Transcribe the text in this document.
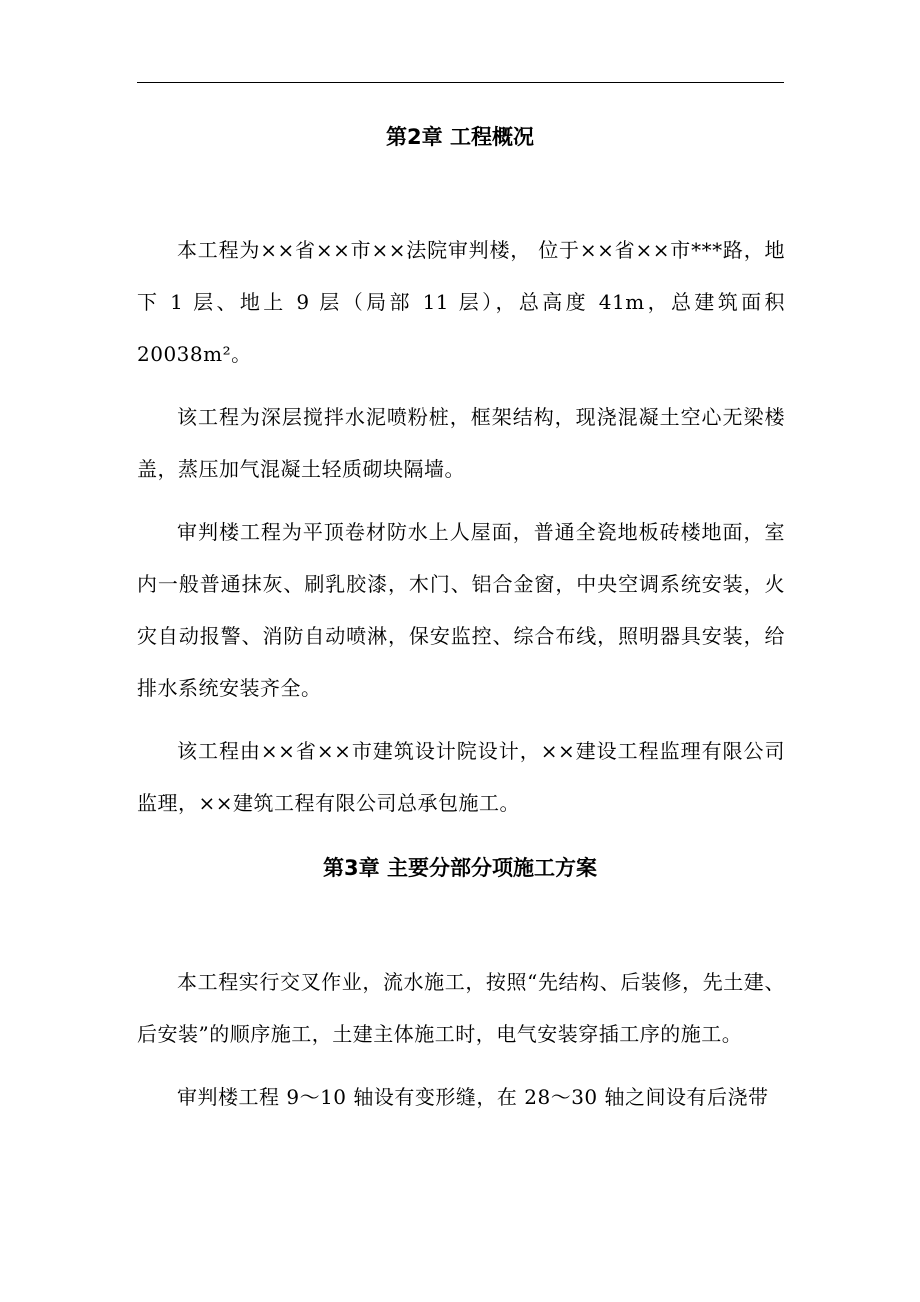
第2章 工程概况

本工程为××省××市××法院审判楼， 位于××省××市***路，地下 1 层、地上 9 层（局部 11 层），总高度 41m，总建筑面积 20038m²。

该工程为深层搅拌水泥喷粉桩，框架结构，现浇混凝土空心无梁楼盖，蒸压加气混凝土轻质砌块隔墙。

审判楼工程为平顶卷材防水上人屋面，普通全瓷地板砖楼地面，室内一般普通抹灰、刷乳胶漆，木门、铝合金窗，中央空调系统安装，火灾自动报警、消防自动喷淋，保安监控、综合布线，照明器具安装，给排水系统安装齐全。

该工程由××省××市建筑设计院设计，××建设工程监理有限公司监理，××建筑工程有限公司总承包施工。

第3章 主要分部分项施工方案

本工程实行交叉作业，流水施工，按照“先结构、后装修，先土建、后安装”的顺序施工，土建主体施工时，电气安装穿插工序的施工。

审判楼工程 9～10 轴设有变形缝，在 28～30 轴之间设有后浇带
